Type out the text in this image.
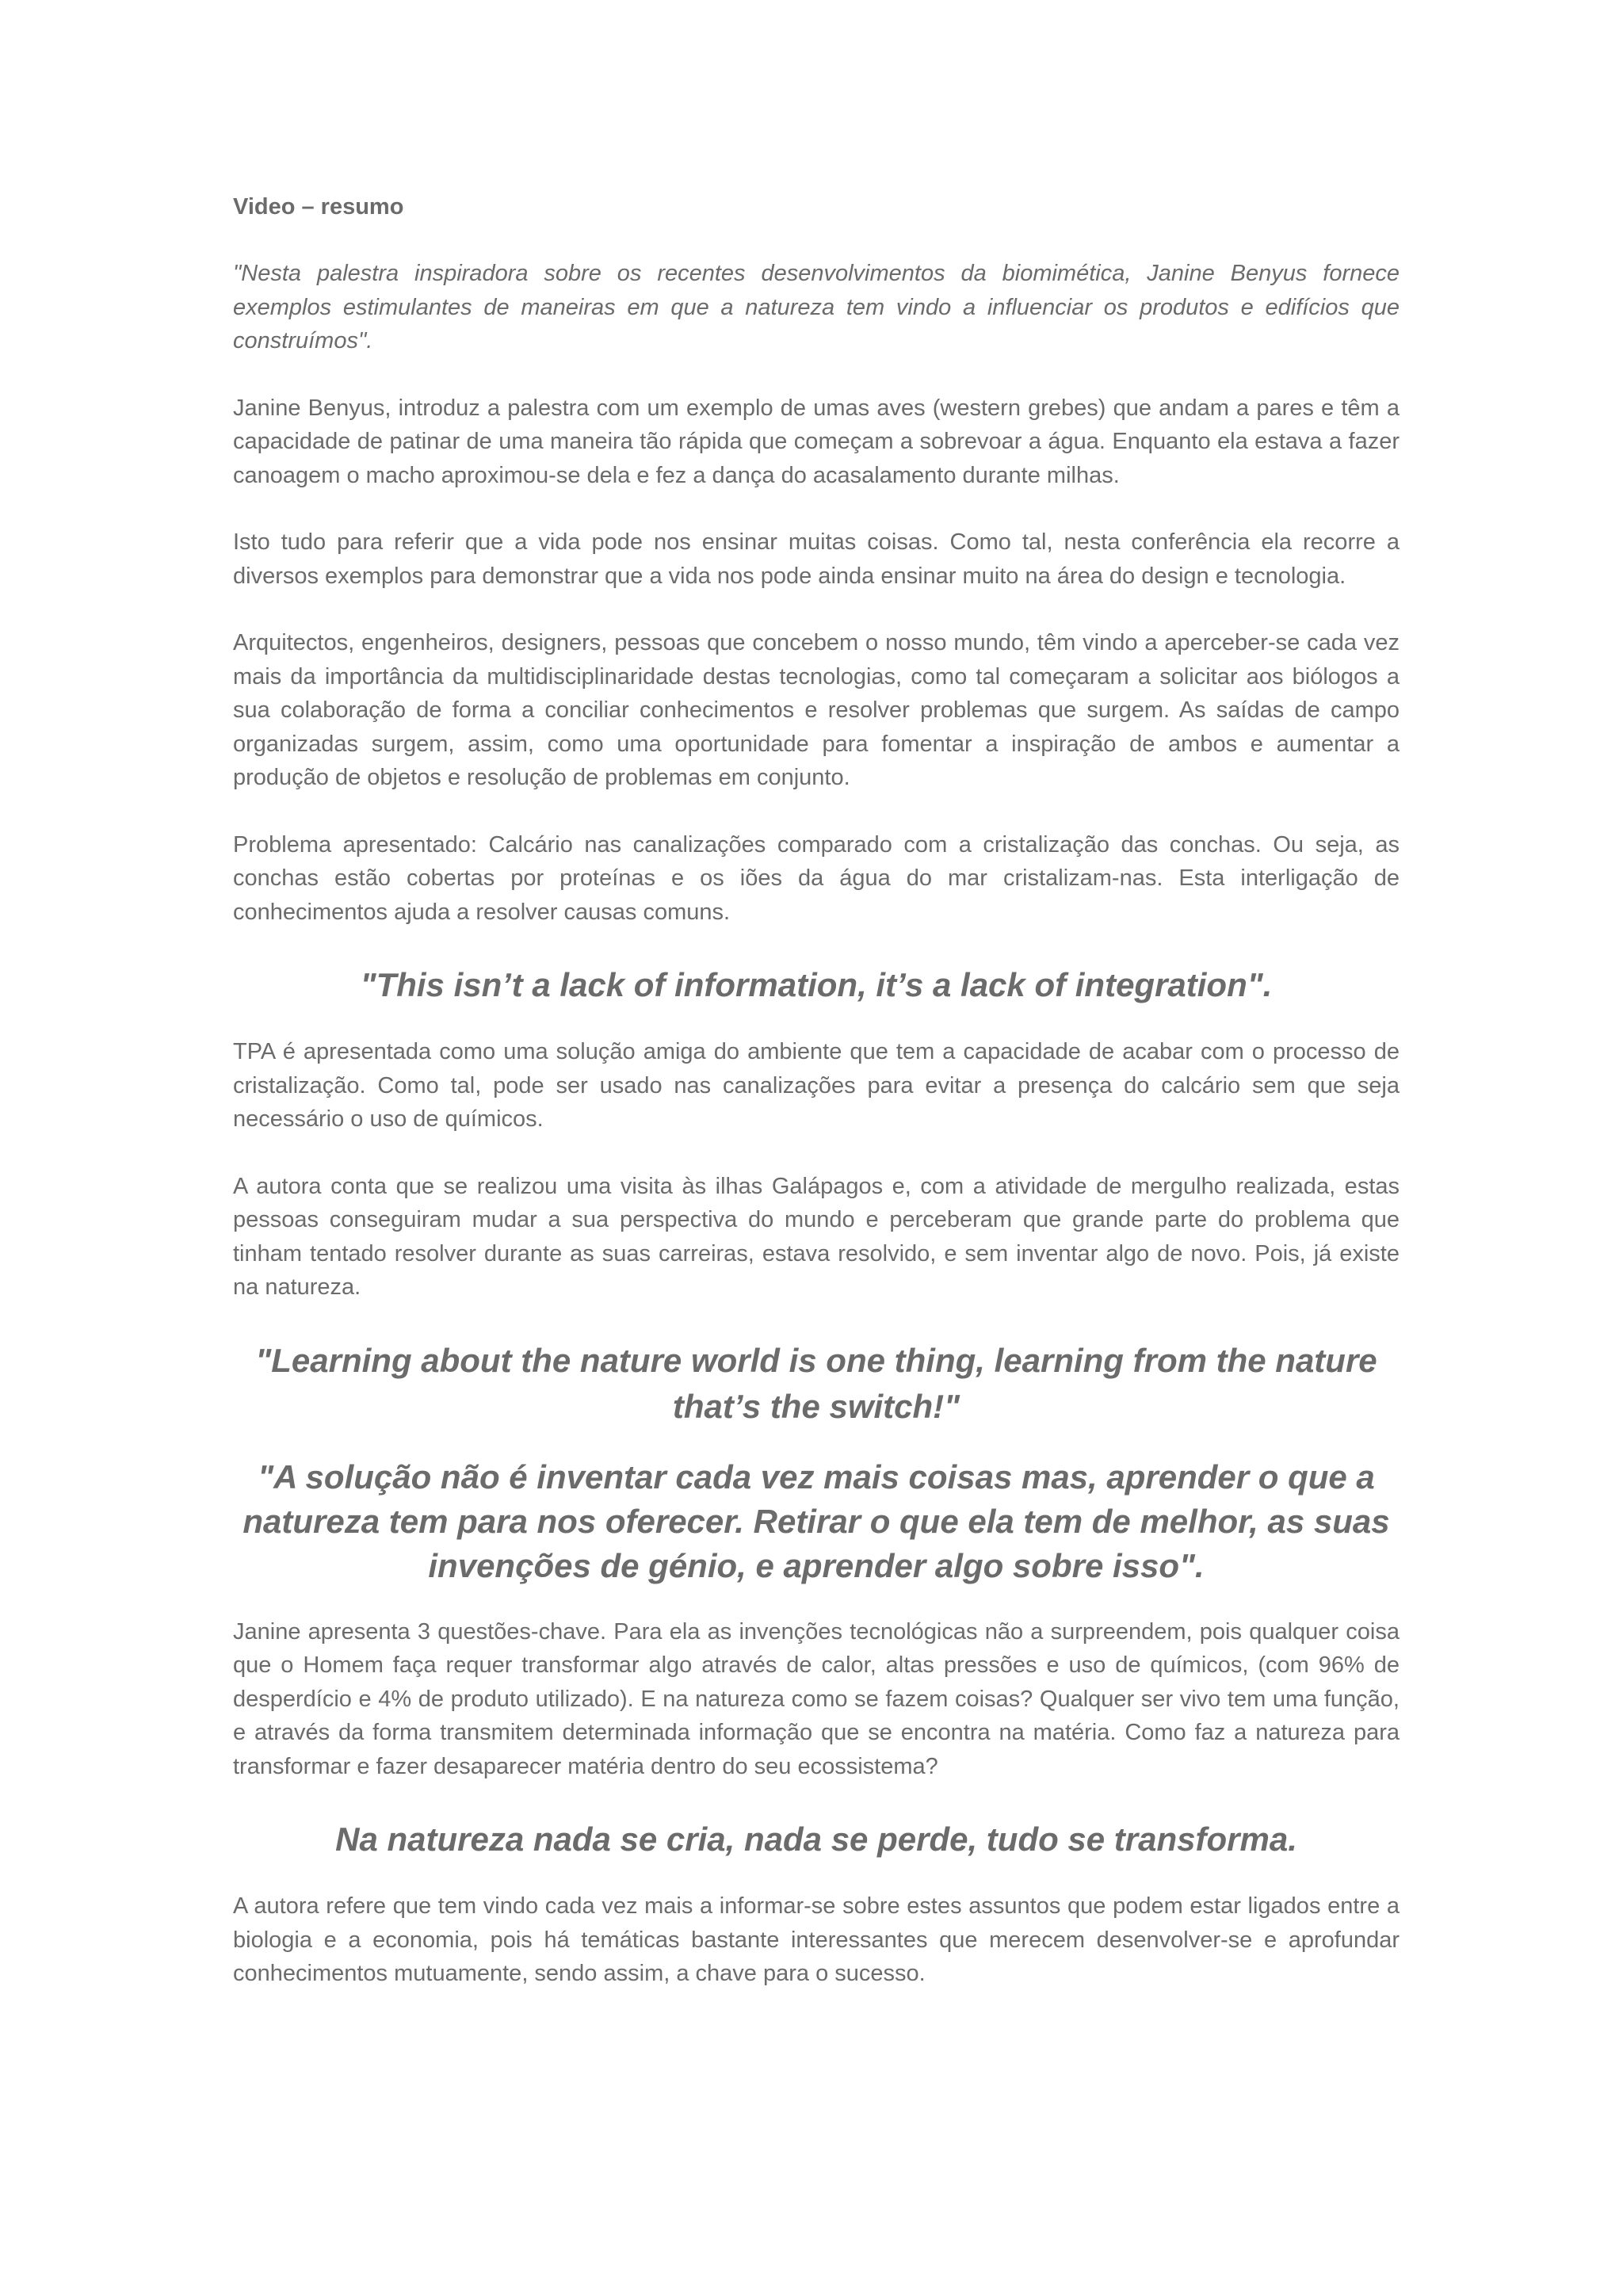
Video – resumo

"Nesta palestra inspiradora sobre os recentes desenvolvimentos da biomimética, Janine Benyus fornece exemplos estimulantes de maneiras em que a natureza tem vindo a influenciar os produtos e edifícios que construímos".

Janine Benyus, introduz a palestra com um exemplo de umas aves (western grebes) que andam a pares e têm a capacidade de patinar de uma maneira tão rápida que começam a sobrevoar a água. Enquanto ela estava a fazer canoagem o macho aproximou-se dela e fez a dança do acasalamento durante milhas.

Isto tudo para referir que a vida pode nos ensinar muitas coisas. Como tal, nesta conferência ela recorre a diversos exemplos para demonstrar que a vida nos pode ainda ensinar muito na área do design e tecnologia.

Arquitectos, engenheiros, designers, pessoas que concebem o nosso mundo, têm vindo a aperceber-se cada vez mais da importância da multidisciplinaridade destas tecnologias, como tal começaram a solicitar aos biólogos a sua colaboração de forma a conciliar conhecimentos e resolver problemas que surgem. As saídas de campo organizadas surgem, assim, como uma oportunidade para fomentar a inspiração de ambos e aumentar a produção de objetos e resolução de problemas em conjunto.

Problema apresentado: Calcário nas canalizações comparado com a cristalização das conchas. Ou seja, as conchas estão cobertas por proteínas e os iões da água do mar cristalizam-nas. Esta interligação de conhecimentos ajuda a resolver causas comuns.

"This isn’t a lack of information, it’s a lack of integration".

TPA é apresentada como uma solução amiga do ambiente que tem a capacidade de acabar com o processo de cristalização. Como tal, pode ser usado nas canalizações para evitar a presença do calcário sem que seja necessário o uso de químicos.

A autora conta que se realizou uma visita às ilhas Galápagos e, com a atividade de mergulho realizada, estas pessoas conseguiram mudar a sua perspectiva do mundo e perceberam que grande parte do problema que tinham tentado resolver durante as suas carreiras, estava resolvido, e sem inventar algo de novo. Pois, já existe na natureza.

"Learning about the nature world is one thing, learning from the nature that’s the switch!"
"A solução não é inventar cada vez mais coisas mas, aprender o que a natureza tem para nos oferecer. Retirar o que ela tem de melhor, as suas invenções de génio, e aprender algo sobre isso".

Janine apresenta 3 questões-chave. Para ela as invenções tecnológicas não a surpreendem, pois qualquer coisa que o Homem faça requer transformar algo através de calor, altas pressões e uso de químicos, (com 96% de desperdício e 4% de produto utilizado). E na natureza como se fazem coisas? Qualquer ser vivo tem uma função, e através da forma transmitem determinada informação que se encontra na matéria. Como faz a natureza para transformar e fazer desaparecer matéria dentro do seu ecossistema?

Na natureza nada se cria, nada se perde, tudo se transforma.

A autora refere que tem vindo cada vez mais a informar-se sobre estes assuntos que podem estar ligados entre a biologia e a economia, pois há temáticas bastante interessantes que merecem desenvolver-se e aprofundar conhecimentos mutuamente, sendo assim, a chave para o sucesso.
